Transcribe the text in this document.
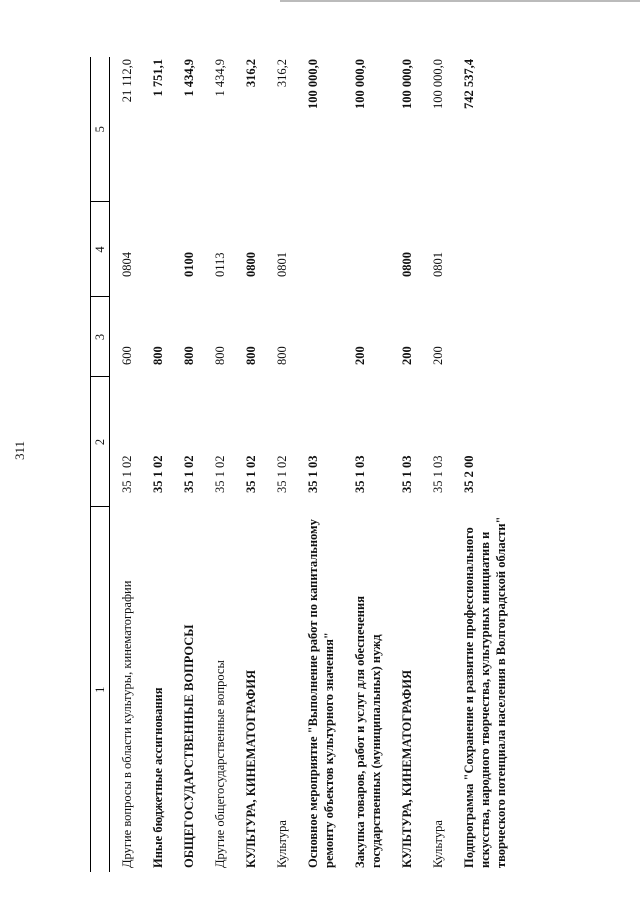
311
1	2	3	4	5
Другие вопросы в области культуры, кинематографии	35 1 02	600	0804	21 112,0
Иные бюджетные ассигнования	35 1 02	800		1 751,1
ОБЩЕГОСУДАРСТВЕННЫЕ ВОПРОСЫ	35 1 02	800	0100	1 434,9
Другие общегосударственные вопросы	35 1 02	800	0113	1 434,9
КУЛЬТУРА, КИНЕМАТОГРАФИЯ	35 1 02	800	0800	316,2
Культура	35 1 02	800	0801	316,2
Основное мероприятие "Выполнение работ по капитальному ремонту объектов культурного значения"	35 1 03			100 000,0
Закупка товаров, работ и услуг для обеспечения государственных (муниципальных) нужд	35 1 03	200		100 000,0
КУЛЬТУРА, КИНЕМАТОГРАФИЯ	35 1 03	200	0800	100 000,0
Культура	35 1 03	200	0801	100 000,0
Подпрограмма "Сохранение и развитие профессионального искусства, народного творчества, культурных инициатив и творческого потенциала населения в Волгоградской области"	35 2 00			742 537,4
